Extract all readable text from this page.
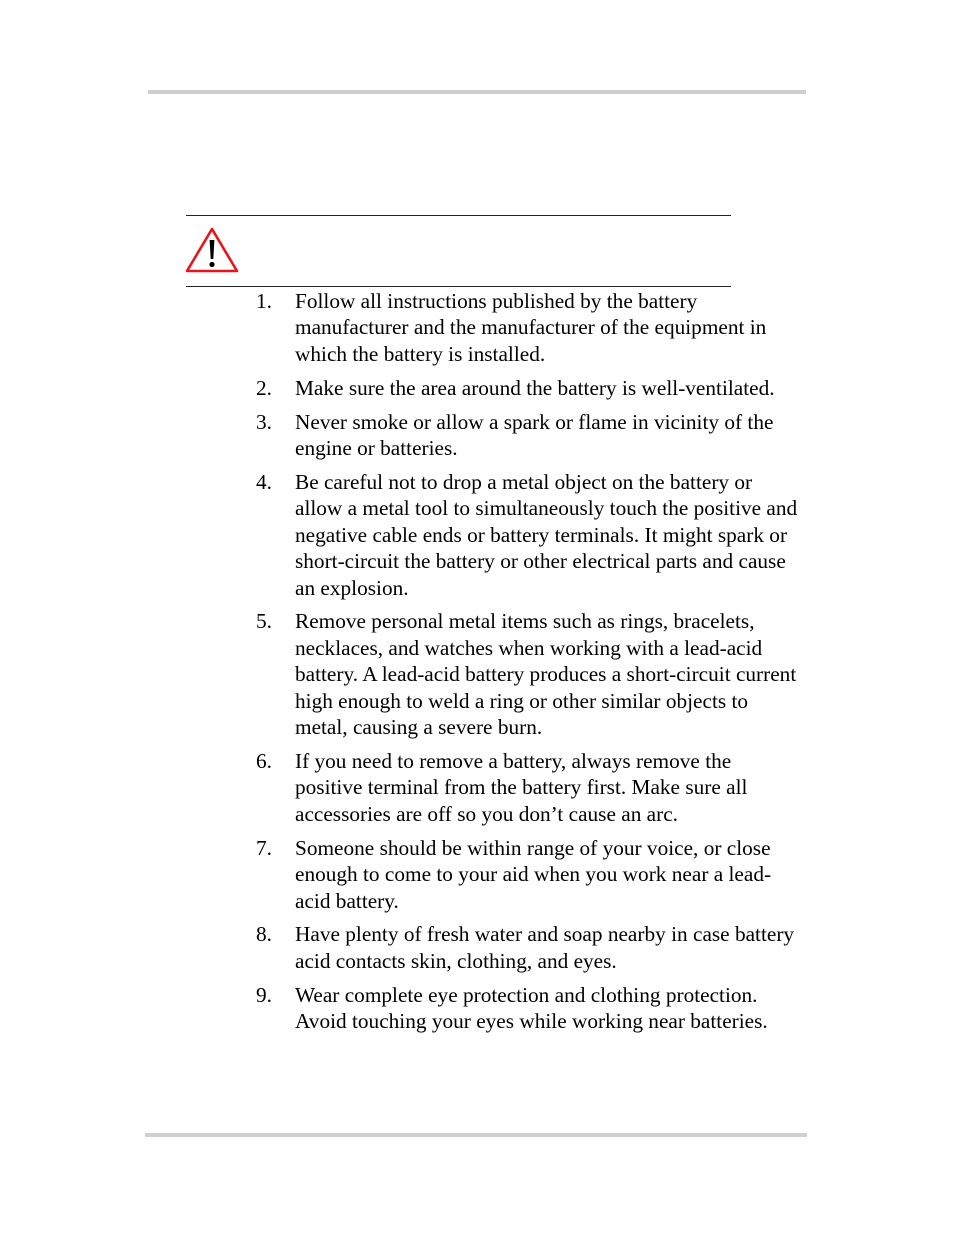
1.	Follow all instructions published by the battery manufacturer and the manufacturer of the equipment in which the battery is installed.
2.	Make sure the area around the battery is well-ventilated.
3.	Never smoke or allow a spark or flame in vicinity of the engine or batteries.
4.	Be careful not to drop a metal object on the battery or allow a metal tool to simultaneously touch the positive and negative cable ends or battery terminals. It might spark or short-circuit the battery or other electrical parts and cause an explosion.
5.	Remove personal metal items such as rings, bracelets, necklaces, and watches when working with a lead-acid battery. A lead-acid battery produces a short-circuit current high enough to weld a ring or other similar objects to metal, causing a severe burn.
6.	If you need to remove a battery, always remove the positive terminal from the battery first. Make sure all accessories are off so you don’t cause an arc.
7.	Someone should be within range of your voice, or close enough to come to your aid when you work near a lead-acid battery.
8.	Have plenty of fresh water and soap nearby in case battery acid contacts skin, clothing, and eyes.
9.	Wear complete eye protection and clothing protection. Avoid touching your eyes while working near batteries.
